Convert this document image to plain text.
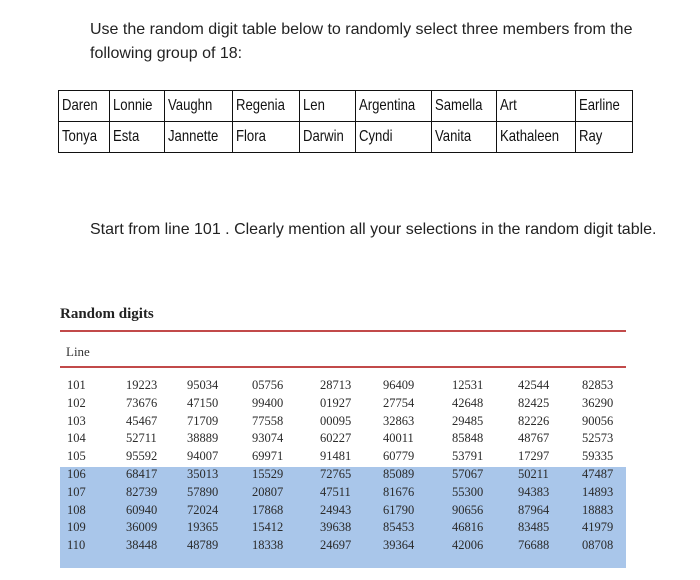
Use the random digit table below to randomly select three members from the following group of 18:
Daren	Lonnie	Vaughn	Regenia	Len	Argentina	Samella	Art	Earline
Tonya	Esta	Jannette	Flora	Darwin	Cyndi	Vanita	Kathaleen	Ray
Start from line 101 . Clearly mention all your selections in the random digit table.
Random digits
Line
101	19223 95034	05756	28713	96409	12531	42544	82853
102	73676 47150	99400	01927	27754	42648	82425	36290
103	45467 71709	77558	00095	32863	29485	82226	90056
104	52711 38889	93074	60227	40011	85848	48767	52573
105	95592 94007	69971	91481	60779	53791	17297	59335
106	68417 35013	15529	72765	85089	57067	50211	47487
107	82739 57890	20807	47511	81676	55300	94383	14893
108	60940 72024	17868	24943	61790	90656	87964	18883
109	36009 19365	15412	39638	85453	46816	83485	41979
110	38448 48789	18338	24697	39364	42006	76688	08708
